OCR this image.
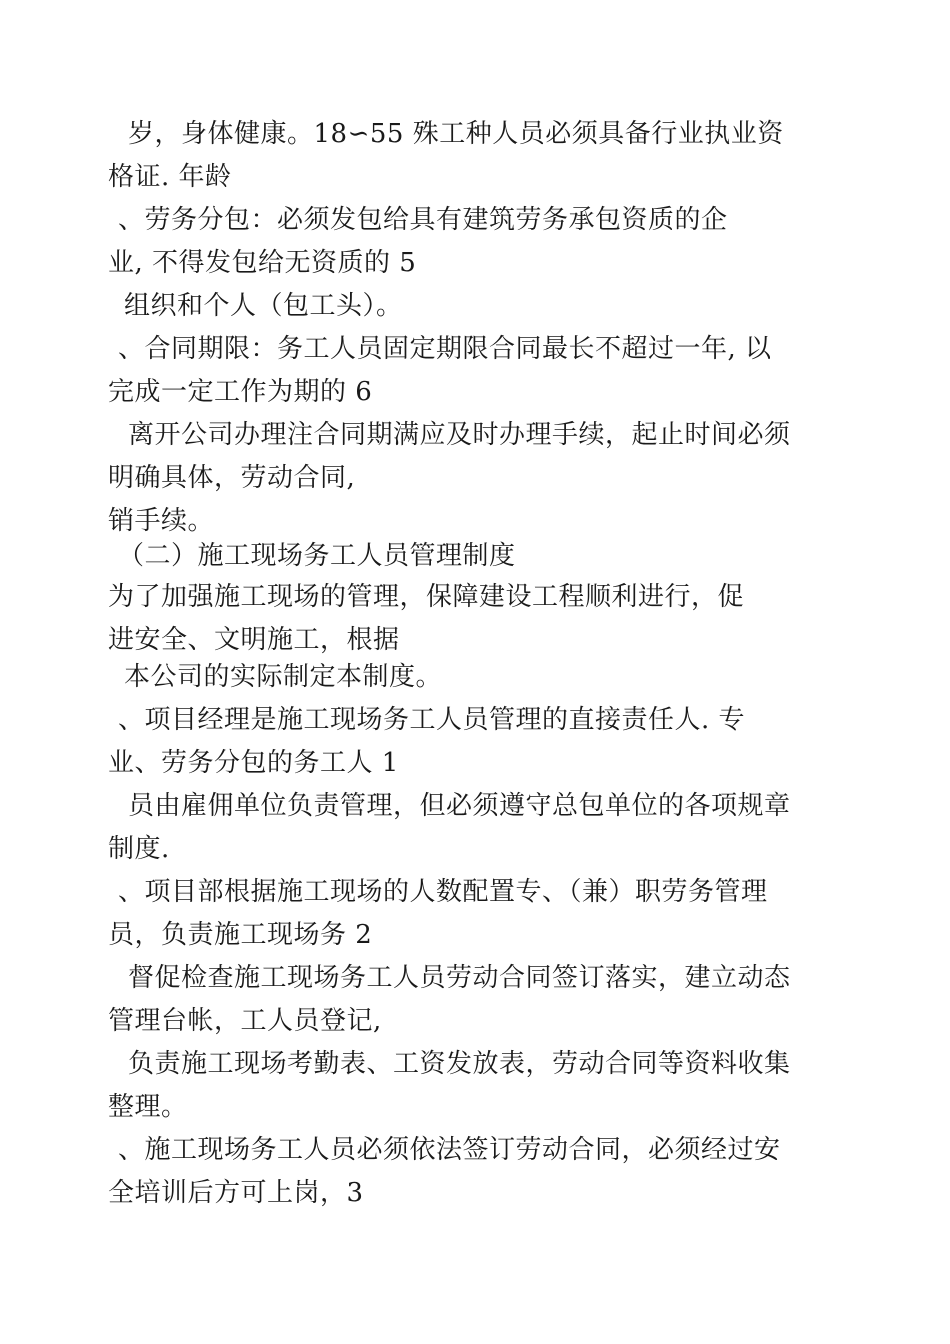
岁，身体健康。18∽55 殊工种人员必须具备行业执业资
格证. 年龄
、劳务分包：必须发包给具有建筑劳务承包资质的企
业, 不得发包给无资质的 5
组织和个人（包工头）。
、合同期限：务工人员固定期限合同最长不超过一年, 以
完成一定工作为期的 6
离开公司办理注合同期满应及时办理手续，起止时间必须
明确具体，劳动合同,
销手续。
（二）施工现场务工人员管理制度
为了加强施工现场的管理，保障建设工程顺利进行，促
进安全、文明施工，根据
本公司的实际制定本制度。
、项目经理是施工现场务工人员管理的直接责任人. 专
业、劳务分包的务工人 1
员由雇佣单位负责管理，但必须遵守总包单位的各项规章
制度.
、项目部根据施工现场的人数配置专、（兼）职劳务管理
员，负责施工现场务 2
督促检查施工现场务工人员劳动合同签订落实，建立动态
管理台帐，工人员登记,
负责施工现场考勤表、工资发放表，劳动合同等资料收集
整理。
、施工现场务工人员必须依法签订劳动合同，必须经过安
全培训后方可上岗，3
